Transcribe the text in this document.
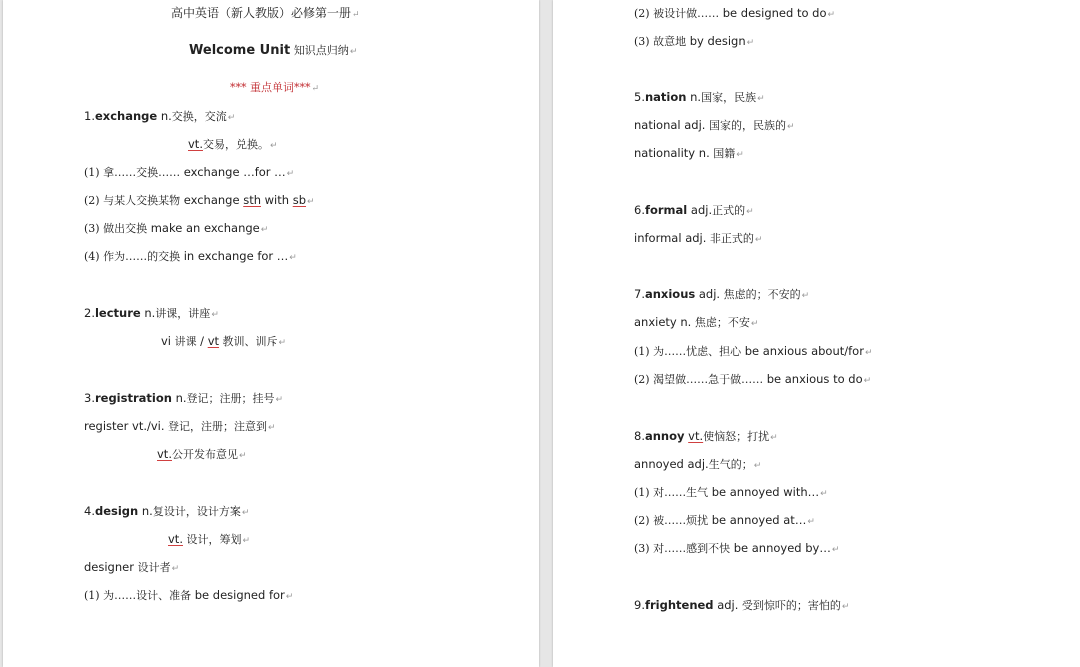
高中英语（新人教版）必修第一册↵
Welcome Unit 知识点归纳↵
*** 重点单词***↵
1.exchange n.交换，交流↵
vt.交易，兑换。↵
(1) 拿……交换…… exchange …for …↵
(2) 与某人交换某物 exchange sth with sb↵
(3) 做出交换 make an exchange↵
(4) 作为……的交换 in exchange for …↵
2.lecture n.讲课，讲座↵
vi 讲课 / vt 教训、训斥↵
3.registration n.登记；注册；挂号↵
register vt./vi. 登记，注册；注意到↵
vt.公开发布意见↵
4.design n.复设计，设计方案↵
vt. 设计，筹划↵
designer 设计者↵
(1) 为……设计、准备 be designed for↵
(2) 被设计做…… be designed to do↵
(3) 故意地 by design↵
5.nation n.国家，民族↵
national adj. 国家的，民族的↵
nationality n. 国籍↵
6.formal adj.正式的↵
informal adj. 非正式的↵
7.anxious adj. 焦虑的；不安的↵
anxiety n. 焦虑；不安↵
(1) 为……忧虑、担心 be anxious about/for↵
(2) 渴望做……急于做…… be anxious to do↵
8.annoy vt.使恼怒；打扰↵
annoyed adj.生气的；↵
(1) 对……生气 be annoyed with…↵
(2) 被……烦扰 be annoyed at…↵
(3) 对……感到不快 be annoyed by…↵
9.frightened adj. 受到惊吓的；害怕的↵
